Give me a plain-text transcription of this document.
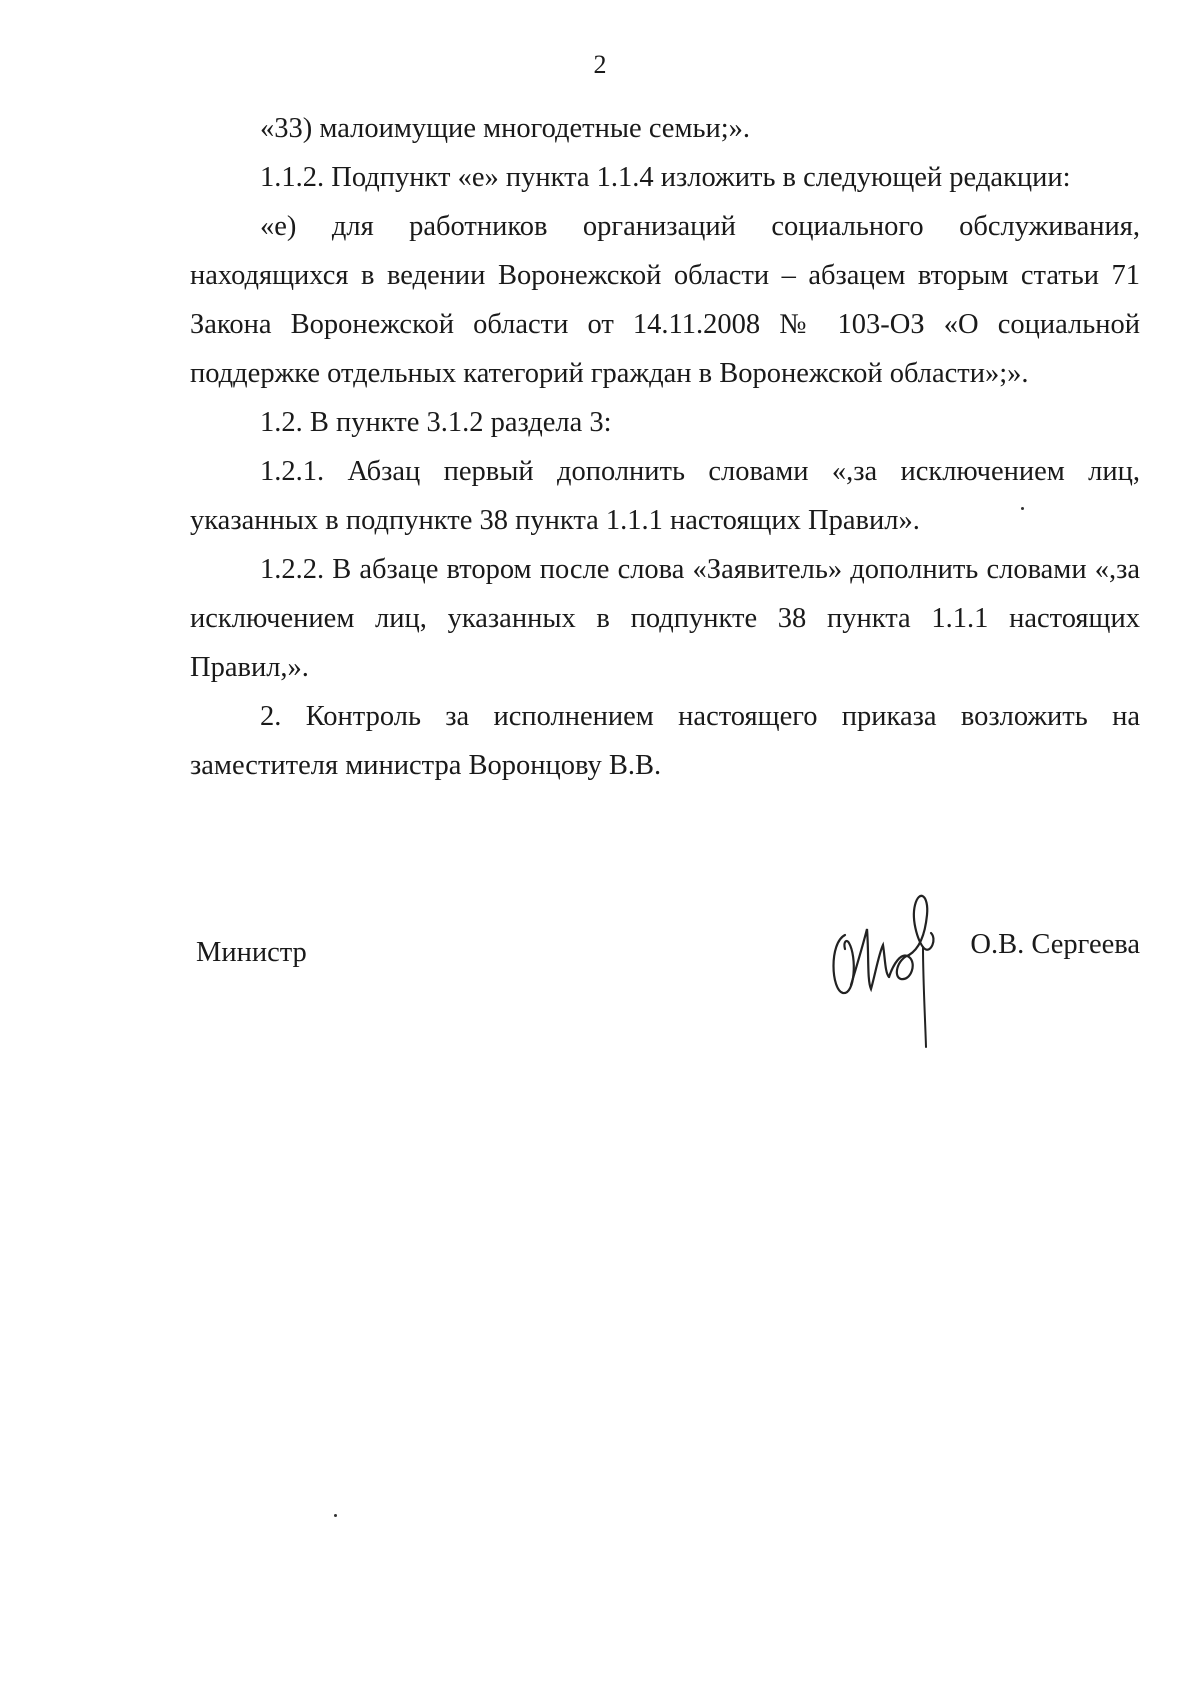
2

«33) малоимущие многодетные семьи;».

1.1.2. Подпункт «е» пункта 1.1.4 изложить в следующей редакции:

«е) для работников организаций социального обслуживания, находящихся в ведении Воронежской области – абзацем вторым статьи 71 Закона Воронежской области от 14.11.2008 № 103-ОЗ «О социальной поддержке отдельных категорий граждан в Воронежской области»;».

1.2. В пункте 3.1.2 раздела 3:

1.2.1. Абзац первый дополнить словами «,за исключением лиц, указанных в подпункте 38 пункта 1.1.1 настоящих Правил».

1.2.2. В абзаце втором после слова «Заявитель» дополнить словами «,за исключением лиц, указанных в подпункте 38 пункта 1.1.1 настоящих Правил,».

2. Контроль за исполнением настоящего приказа возложить на заместителя министра Воронцову В.В.

Министр	О.В. Сергеева
